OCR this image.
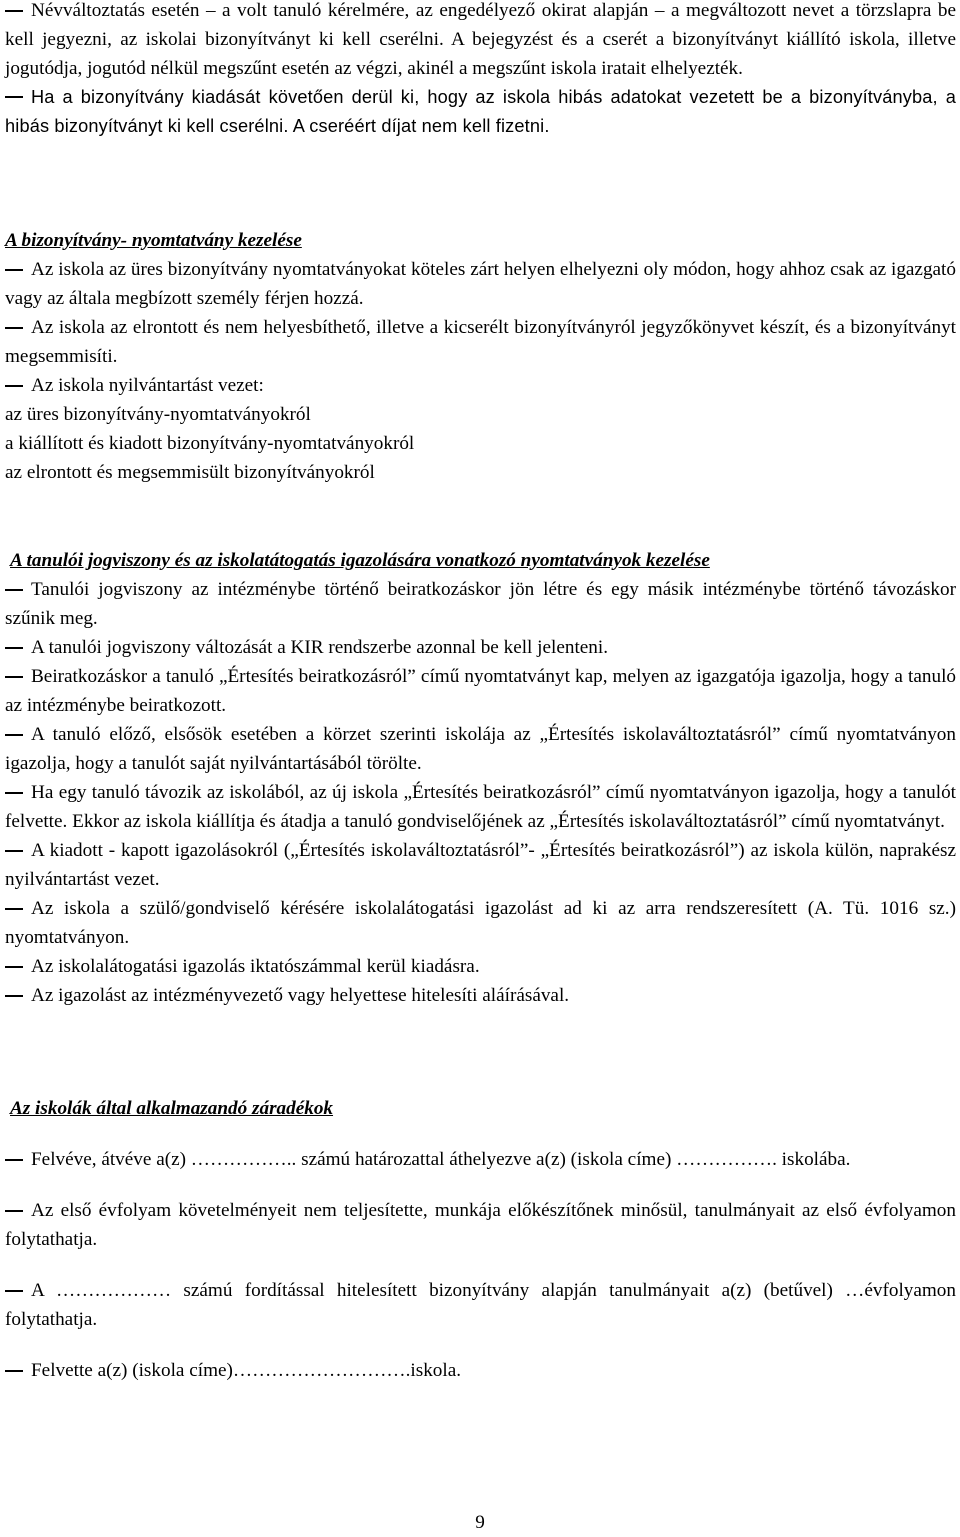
Névváltoztatás esetén – a volt tanuló kérelmére, az engedélyező okirat alapján – a megváltozott nevet a törzslapra be kell jegyezni, az iskolai bizonyítványt ki kell cserélni. A bejegyzést és a cserét a bizonyítványt kiállító iskola, illetve jogutódja, jogutód nélkül megszűnt esetén az végzi, akinél a megszűnt iskola iratait elhelyezték.

Ha a bizonyítvány kiadását követően derül ki, hogy az iskola hibás adatokat vezetett be a bizonyítványba, a hibás bizonyítványt ki kell cserélni. A cseréért díjat nem kell fizetni.

A bizonyítvány- nyomtatvány kezelése

Az iskola az üres bizonyítvány nyomtatványokat köteles zárt helyen elhelyezni oly módon, hogy ahhoz csak az igazgató vagy az általa megbízott személy férjen hozzá.

Az iskola az elrontott és nem helyesbíthető, illetve a kicserélt bizonyítványról jegyzőkönyvet készít, és a bizonyítványt megsemmisíti.

Az iskola nyilvántartást vezet:

az üres bizonyítvány-nyomtatványokról

a kiállított és kiadott bizonyítvány-nyomtatványokról

az elrontott és megsemmisült bizonyítványokról

A tanulói jogviszony és az iskolatátogatás igazolására vonatkozó nyomtatványok kezelése

Tanulói jogviszony az intézménybe történő beiratkozáskor jön létre és egy másik intézménybe történő távozáskor szűnik meg.

A tanulói jogviszony változását a KIR rendszerbe azonnal be kell jelenteni.

Beiratkozáskor a tanuló „Értesítés beiratkozásról” című nyomtatványt kap, melyen az igazgatója igazolja, hogy a tanuló az intézménybe beiratkozott.

A tanuló előző, elsősök esetében a körzet szerinti iskolája az „Értesítés iskolaváltoztatásról” című nyomtatványon igazolja, hogy a tanulót saját nyilvántartásából törölte.

Ha egy tanuló távozik az iskolából, az új iskola „Értesítés beiratkozásról” című nyomtatványon igazolja, hogy a tanulót felvette. Ekkor az iskola kiállítja és átadja a tanuló gondviselőjének az „Értesítés iskolaváltoztatásról” című nyomtatványt.

A kiadott - kapott igazolásokról („Értesítés iskolaváltoztatásról”- „Értesítés beiratkozásról”) az iskola külön, naprakész nyilvántartást vezet.

Az iskola a szülő/gondviselő kérésére iskolalátogatási igazolást ad ki az arra rendszeresített (A. Tü. 1016 sz.) nyomtatványon.

Az iskolalátogatási igazolás iktatószámmal kerül kiadásra.

Az igazolást az intézményvezető vagy helyettese hitelesíti aláírásával.

Az iskolák által alkalmazandó záradékok

Felvéve, átvéve a(z) …………….. számú határozattal áthelyezve a(z) (iskola címe) ……………. iskolába.

Az első évfolyam követelményeit nem teljesítette, munkája előkészítőnek minősül, tanulmányait az első évfolyamon folytathatja.

A ……………… számú fordítással hitelesített bizonyítvány alapján tanulmányait a(z) (betűvel) …évfolyamon folytathatja.

Felvette a(z) (iskola címe)……………………….iskola.

9
